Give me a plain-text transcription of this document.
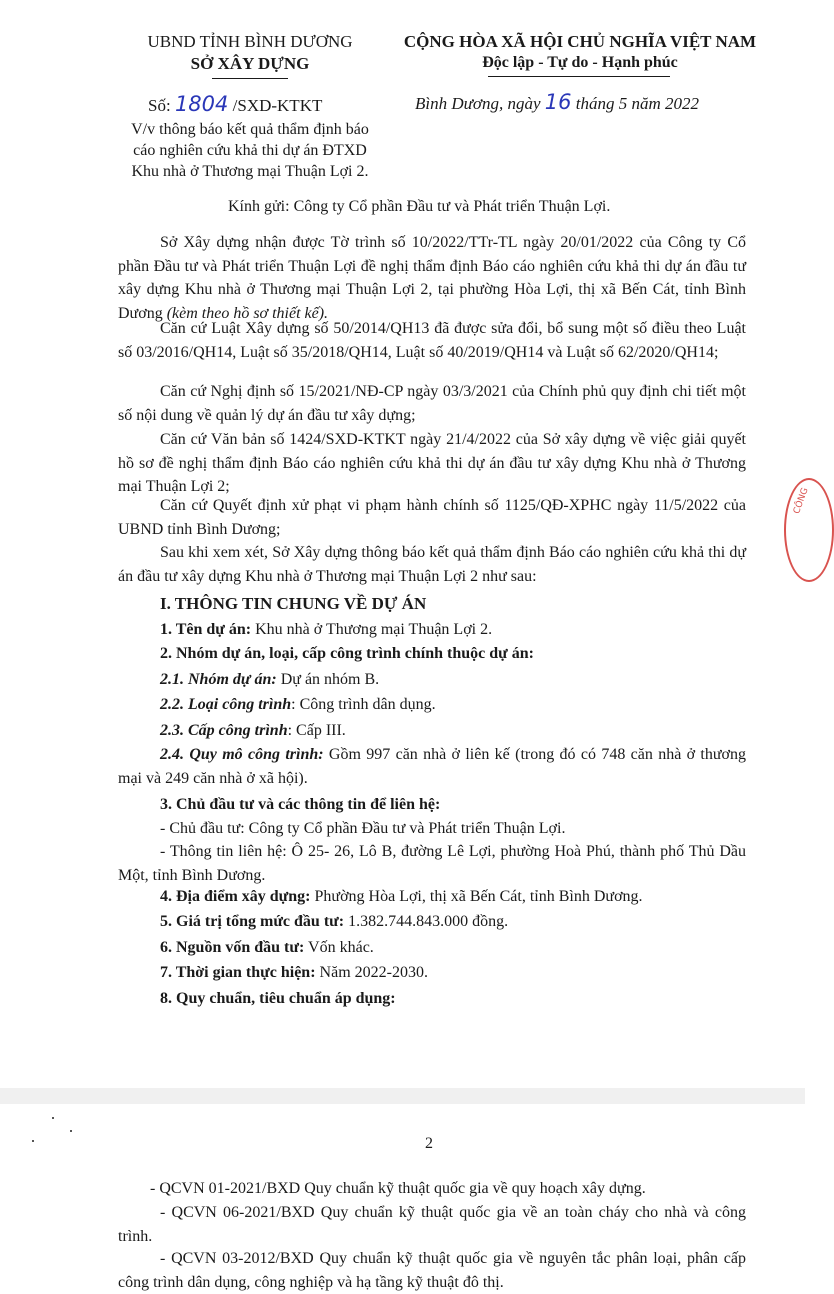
UBND TỈNH BÌNH DƯƠNG
SỞ XÂY DỰNG
CỘNG HÒA XÃ HỘI CHỦ NGHĨA VIỆT NAM
Độc lập - Tự do - Hạnh phúc
Số: 1804 /SXD-KTKT	Bình Dương, ngày 16 tháng 5 năm 2022
V/v thông báo kết quả thẩm định báo
cáo nghiên cứu khả thi dự án ĐTXD
Khu nhà ở Thương mại Thuận Lợi 2.
Kính gửi: Công ty Cổ phần Đầu tư và Phát triển Thuận Lợi.
Sở Xây dựng nhận được Tờ trình số 10/2022/TTr-TL ngày 20/01/2022 của Công ty Cổ phần Đầu tư và Phát triển Thuận Lợi đề nghị thẩm định Báo cáo nghiên cứu khả thi dự án đầu tư xây dựng Khu nhà ở Thương mại Thuận Lợi 2, tại phường Hòa Lợi, thị xã Bến Cát, tỉnh Bình Dương (kèm theo hồ sơ thiết kế).
Căn cứ Luật Xây dựng số 50/2014/QH13 đã được sửa đổi, bổ sung một số điều theo Luật số 03/2016/QH14, Luật số 35/2018/QH14, Luật số 40/2019/QH14 và Luật số 62/2020/QH14;
Căn cứ Nghị định số 15/2021/NĐ-CP ngày 03/3/2021 của Chính phủ quy định chi tiết một số nội dung về quản lý dự án đầu tư xây dựng;
Căn cứ Văn bản số 1424/SXD-KTKT ngày 21/4/2022 của Sở xây dựng về việc giải quyết hồ sơ đề nghị thẩm định Báo cáo nghiên cứu khả thi dự án đầu tư xây dựng Khu nhà ở Thương mại Thuận Lợi 2;
Căn cứ Quyết định xử phạt vi phạm hành chính số 1125/QĐ-XPHC ngày 11/5/2022 của UBND tỉnh Bình Dương;
Sau khi xem xét, Sở Xây dựng thông báo kết quả thẩm định Báo cáo nghiên cứu khả thi dự án đầu tư xây dựng Khu nhà ở Thương mại Thuận Lợi 2 như sau:
I. THÔNG TIN CHUNG VỀ DỰ ÁN
1. Tên dự án: Khu nhà ở Thương mại Thuận Lợi 2.
2. Nhóm dự án, loại, cấp công trình chính thuộc dự án:
2.1. Nhóm dự án: Dự án nhóm B.
2.2. Loại công trình: Công trình dân dụng.
2.3. Cấp công trình: Cấp III.
2.4. Quy mô công trình: Gồm 997 căn nhà ở liên kế (trong đó có 748 căn nhà ở thương mại và 249 căn nhà ở xã hội).
3. Chủ đầu tư và các thông tin để liên hệ:
- Chủ đầu tư: Công ty Cổ phần Đầu tư và Phát triển Thuận Lợi.
- Thông tin liên hệ: Ô 25- 26, Lô B, đường Lê Lợi, phường Hoà Phú, thành phố Thủ Dầu Một, tỉnh Bình Dương.
4. Địa điểm xây dựng: Phường Hòa Lợi, thị xã Bến Cát, tỉnh Bình Dương.
5. Giá trị tổng mức đầu tư: 1.382.744.843.000 đồng.
6. Nguồn vốn đầu tư: Vốn khác.
7. Thời gian thực hiện: Năm 2022-2030.
8. Quy chuẩn, tiêu chuẩn áp dụng:
CÔNG
2
- QCVN 01-2021/BXD Quy chuẩn kỹ thuật quốc gia về quy hoạch xây dựng.
- QCVN 06-2021/BXD Quy chuẩn kỹ thuật quốc gia về an toàn cháy cho nhà và công trình.
- QCVN 03-2012/BXD Quy chuẩn kỹ thuật quốc gia về nguyên tắc phân loại, phân cấp công trình dân dụng, công nghiệp và hạ tầng kỹ thuật đô thị.
